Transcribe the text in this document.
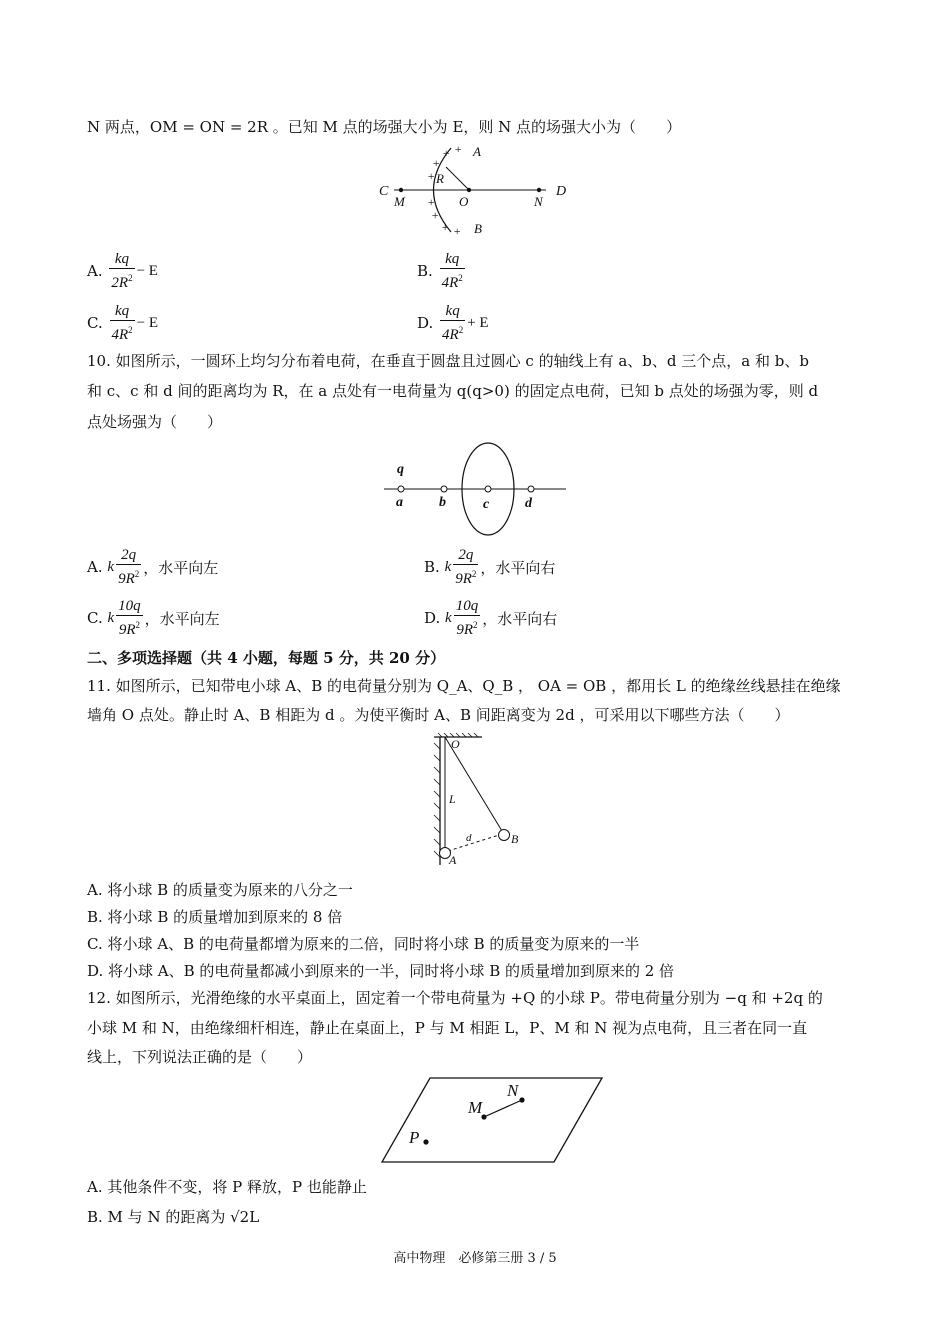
N 两点，OM = ON = 2R 。已知 M 点的场强大小为 E，则 N 点的场强大小为（　　）
C
M	O	N
D
A
B
R
+
+
+
+
+
+
+ +
A.
$\frac{kq}{2R^2} - E$	B.
$\frac{kq}{4R^2}$
C.
$\frac{kq}{4R^2} - E$	D.
$\frac{kq}{4R^2} + E$
10. 如图所示，一圆环上均匀分布着电荷，在垂直于圆盘且过圆心 c 的轴线上有 a、b、d 三个点，a 和 b、b
和 c、c 和 d 间的距离均为 R，在 a 点处有一电荷量为 q(q>0) 的固定点电荷，已知 b 点处的场强为零，则 d
点处场强为（　　）
q
a	b	c	d
A.
k $\frac{2q}{9R^2}$ ，水平向左	B.
k $\frac{2q}{9R^2}$ ，水平向右
C.
k $\frac{10q}{9R^2}$ ，水平向左	D.
k $\frac{10q}{9R^2}$ ，水平向右
二、多项选择题（共 4 小题，每题 5 分，共 20 分）
11. 如图所示，已知带电小球 A、B 的电荷量分别为 Q_A、Q_B ， OA = OB ，都用长 L 的绝缘丝线悬挂在绝缘
墙角 O 点处。静止时 A、B 相距为 d 。为使平衡时 A、B 间距离变为 2d ，可采用以下哪些方法（　　）
O
L
d
A
B
A. 将小球 B 的质量变为原来的八分之一
B. 将小球 B 的质量增加到原来的 8 倍
C. 将小球 A、B 的电荷量都增为原来的二倍，同时将小球 B 的质量变为原来的一半
D. 将小球 A、B 的电荷量都减小到原来的一半，同时将小球 B 的质量增加到原来的 2 倍
12. 如图所示，光滑绝缘的水平桌面上，固定着一个带电荷量为 +Q 的小球 P。带电荷量分别为 −q 和 +2q 的
小球 M 和 N，由绝缘细杆相连，静止在桌面上，P 与 M 相距 L，P、M 和 N 视为点电荷，且三者在同一直
线上，下列说法正确的是（　　）
M
N
P
A. 其他条件不变，将 P 释放，P 也能静止
B. M 与 N 的距离为 √2L
高中物理　必修第三册 3 / 5
